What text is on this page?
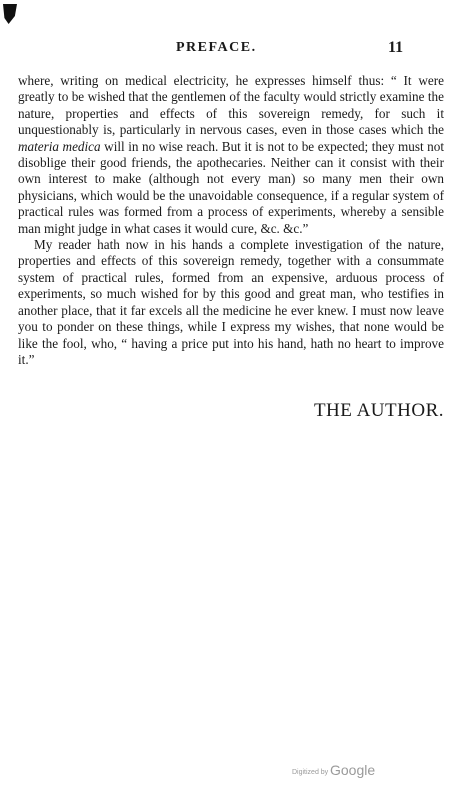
PREFACE.	11

where, writing on medical electricity, he expresses himself thus: “ It were greatly to be wished that the gentlemen of the faculty would strictly examine the nature, properties and effects of this sovereign remedy, for such it unquestionably is, particularly in nervous cases, even in those cases which the materia medica will in no wise reach. But it is not to be expected; they must not disoblige their good friends, the apothecaries. Neither can it consist with their own interest to make (although not every man) so many men their own physicians, which would be the unavoidable consequence, if a regular system of practical rules was formed from a process of experiments, whereby a sensible man might judge in what cases it would cure, &c. &c.”

My reader hath now in his hands a complete investigation of the nature, properties and effects of this sovereign remedy, together with a consummate system of practical rules, formed from an expensive, arduous process of experiments, so much wished for by this good and great man, who testifies in another place, that it far excels all the medicine he ever knew. I must now leave you to ponder on these things, while I express my wishes, that none would be like the fool, who, “ having a price put into his hand, hath no heart to improve it.”

THE AUTHOR.
Digitized by Google
